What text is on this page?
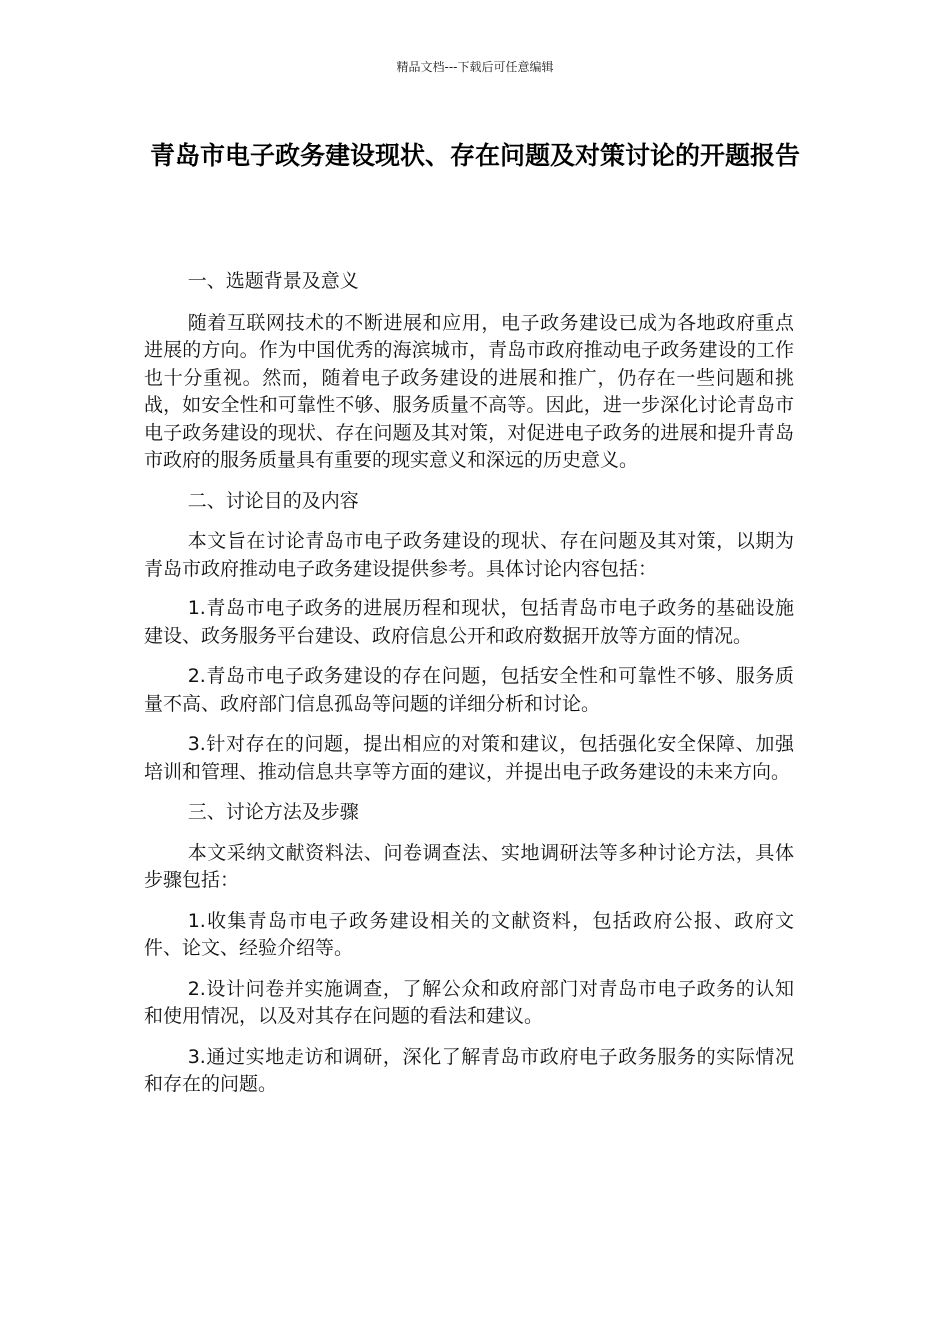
精品文档---下载后可任意编辑
青岛市电子政务建设现状、存在问题及对策讨论的开题报告

一、选题背景及意义

随着互联网技术的不断进展和应用，电子政务建设已成为各地政府重点进展的方向。作为中国优秀的海滨城市，青岛市政府推动电子政务建设的工作也十分重视。然而，随着电子政务建设的进展和推广，仍存在一些问题和挑战，如安全性和可靠性不够、服务质量不高等。因此，进一步深化讨论青岛市电子政务建设的现状、存在问题及其对策，对促进电子政务的进展和提升青岛市政府的服务质量具有重要的现实意义和深远的历史意义。

二、讨论目的及内容

本文旨在讨论青岛市电子政务建设的现状、存在问题及其对策，以期为青岛市政府推动电子政务建设提供参考。具体讨论内容包括：

1.青岛市电子政务的进展历程和现状，包括青岛市电子政务的基础设施建设、政务服务平台建设、政府信息公开和政府数据开放等方面的情况。

2.青岛市电子政务建设的存在问题，包括安全性和可靠性不够、服务质量不高、政府部门信息孤岛等问题的详细分析和讨论。

3.针对存在的问题，提出相应的对策和建议，包括强化安全保障、加强培训和管理、推动信息共享等方面的建议，并提出电子政务建设的未来方向。

三、讨论方法及步骤

本文采纳文献资料法、问卷调查法、实地调研法等多种讨论方法，具体步骤包括：

1.收集青岛市电子政务建设相关的文献资料，包括政府公报、政府文件、论文、经验介绍等。

2.设计问卷并实施调查，了解公众和政府部门对青岛市电子政务的认知和使用情况，以及对其存在问题的看法和建议。

3.通过实地走访和调研，深化了解青岛市政府电子政务服务的实际情况和存在的问题。
